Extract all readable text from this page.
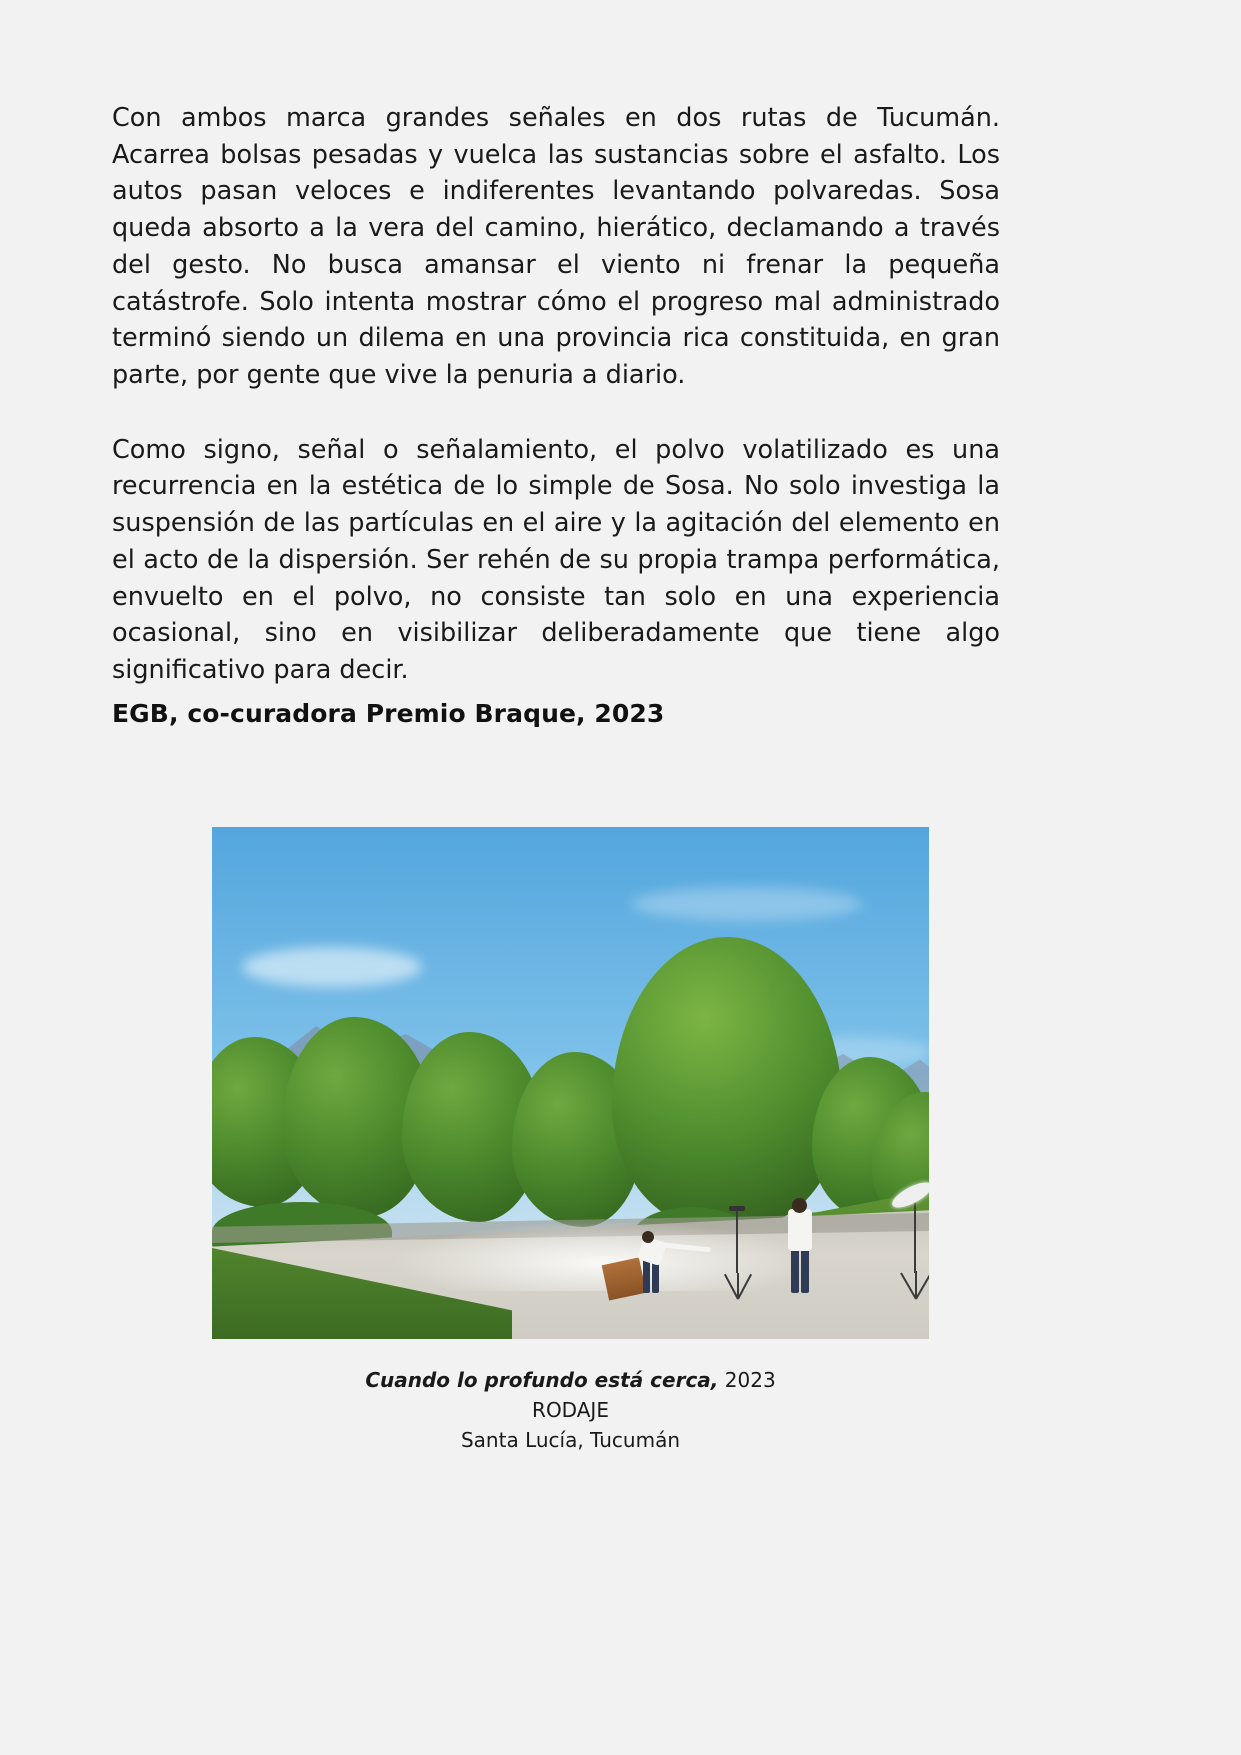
Con ambos marca grandes señales en dos rutas de Tucumán. Acarrea bolsas pesadas y vuelca las sustancias sobre el asfalto. Los autos pasan veloces e indiferentes levantando polvaredas. Sosa queda absorto a la vera del camino, hierático, declamando a través del gesto. No busca amansar el viento ni frenar la pequeña catástrofe. Solo intenta mostrar cómo el progreso mal administrado terminó siendo un dilema en una provincia rica constituida, en gran parte, por gente que vive la penuria a diario.

Como signo, señal o señalamiento, el polvo volatilizado es una recurrencia en la estética de lo simple de Sosa. No solo investiga la suspensión de las partículas en el aire y la agitación del elemento en el acto de la dispersión. Ser rehén de su propia trampa performática, envuelto en el polvo, no consiste tan solo en una experiencia ocasional, sino en visibilizar deliberadamente que tiene algo significativo para decir.

EGB, co-curadora Premio Braque, 2023
Cuando lo profundo está cerca, 2023
RODAJE
Santa Lucía, Tucumán
